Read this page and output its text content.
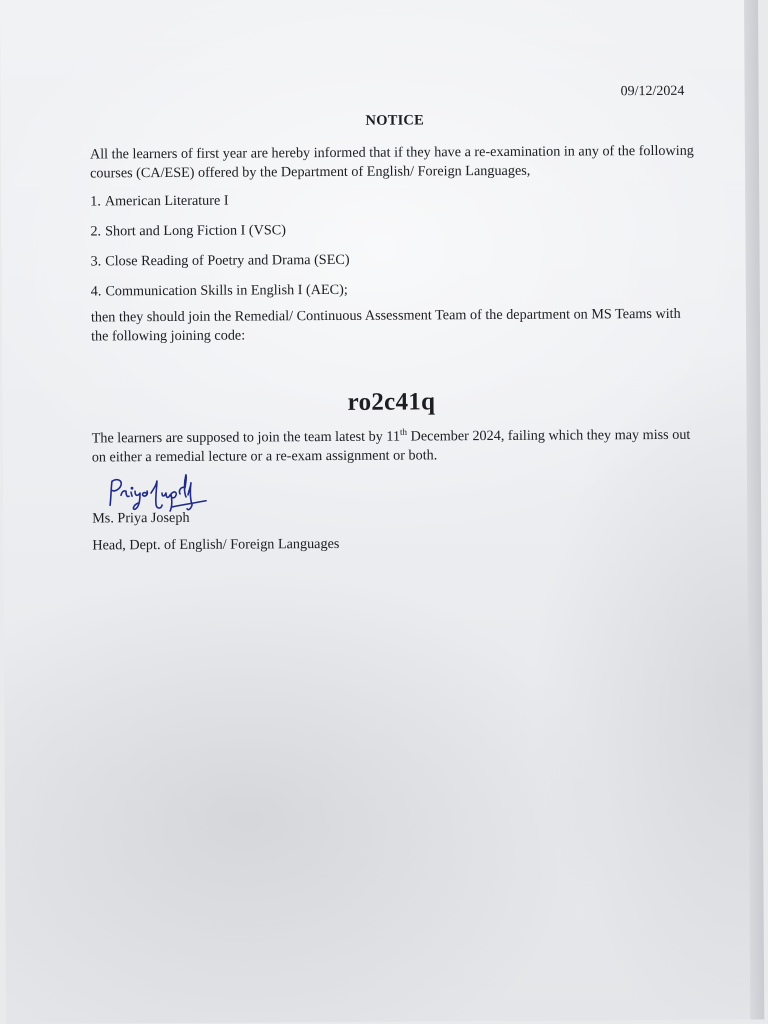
09/12/2024
NOTICE

All the learners of first year are hereby informed that if they have a re-examination in any of the following courses (CA/ESE) offered by the Department of English/ Foreign Languages,

1. American Literature I
2. Short and Long Fiction I (VSC)
3. Close Reading of Poetry and Drama (SEC)
4. Communication Skills in English I (AEC);

then they should join the Remedial/ Continuous Assessment Team of the department on MS Teams with the following joining code:

ro2c41q

The learners are supposed to join the team latest by 11th December 2024, failing which they may miss out on either a remedial lecture or a re-exam assignment or both.

Ms. Priya Joseph
Head, Dept. of English/ Foreign Languages
